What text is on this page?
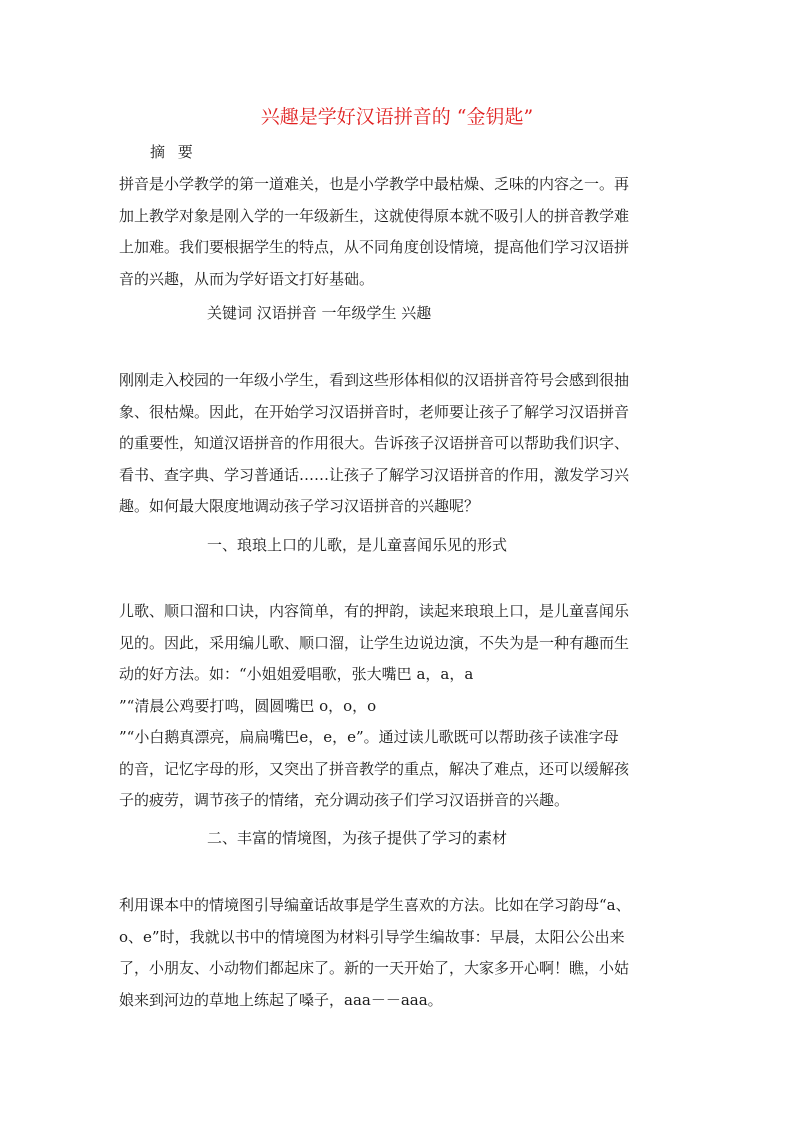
兴趣是学好汉语拼音的 “金钥匙”
摘 要

拼音是小学教学的第一道难关，也是小学教学中最枯燥、乏味的内容之一。再
加上教学对象是刚入学的一年级新生，这就使得原本就不吸引人的拼音教学难
上加难。我们要根据学生的特点，从不同角度创设情境，提高他们学习汉语拼
音的兴趣，从而为学好语文打好基础。

关键词 汉语拼音 一年级学生 兴趣

刚刚走入校园的一年级小学生，看到这些形体相似的汉语拼音符号会感到很抽
象、很枯燥。因此，在开始学习汉语拼音时，老师要让孩子了解学习汉语拼音
的重要性，知道汉语拼音的作用很大。告诉孩子汉语拼音可以帮助我们识字、
看书、查字典、学习普通话……让孩子了解学习汉语拼音的作用，激发学习兴
趣。如何最大限度地调动孩子学习汉语拼音的兴趣呢？

一、琅琅上口的儿歌，是儿童喜闻乐见的形式

儿歌、顺口溜和口诀，内容简单，有的押韵，读起来琅琅上口，是儿童喜闻乐
见的。因此，采用编儿歌、顺口溜，让学生边说边演，不失为是一种有趣而生
动的好方法。如：“小姐姐爱唱歌，张大嘴巴 a，a，a
”“清晨公鸡要打鸣，圆圆嘴巴 o，o，o
”“小白鹅真漂亮，扁扁嘴巴e，e，e”。通过读儿歌既可以帮助孩子读准字母
的音，记忆字母的形，又突出了拼音教学的重点，解决了难点，还可以缓解孩
子的疲劳，调节孩子的情绪，充分调动孩子们学习汉语拼音的兴趣。

二、丰富的情境图，为孩子提供了学习的素材

利用课本中的情境图引导编童话故事是学生喜欢的方法。比如在学习韵母“a、
o、e”时，我就以书中的情境图为材料引导学生编故事：早晨，太阳公公出来
了，小朋友、小动物们都起床了。新的一天开始了，大家多开心啊！瞧，小姑
娘来到河边的草地上练起了嗓子，aaa－－aaa。
